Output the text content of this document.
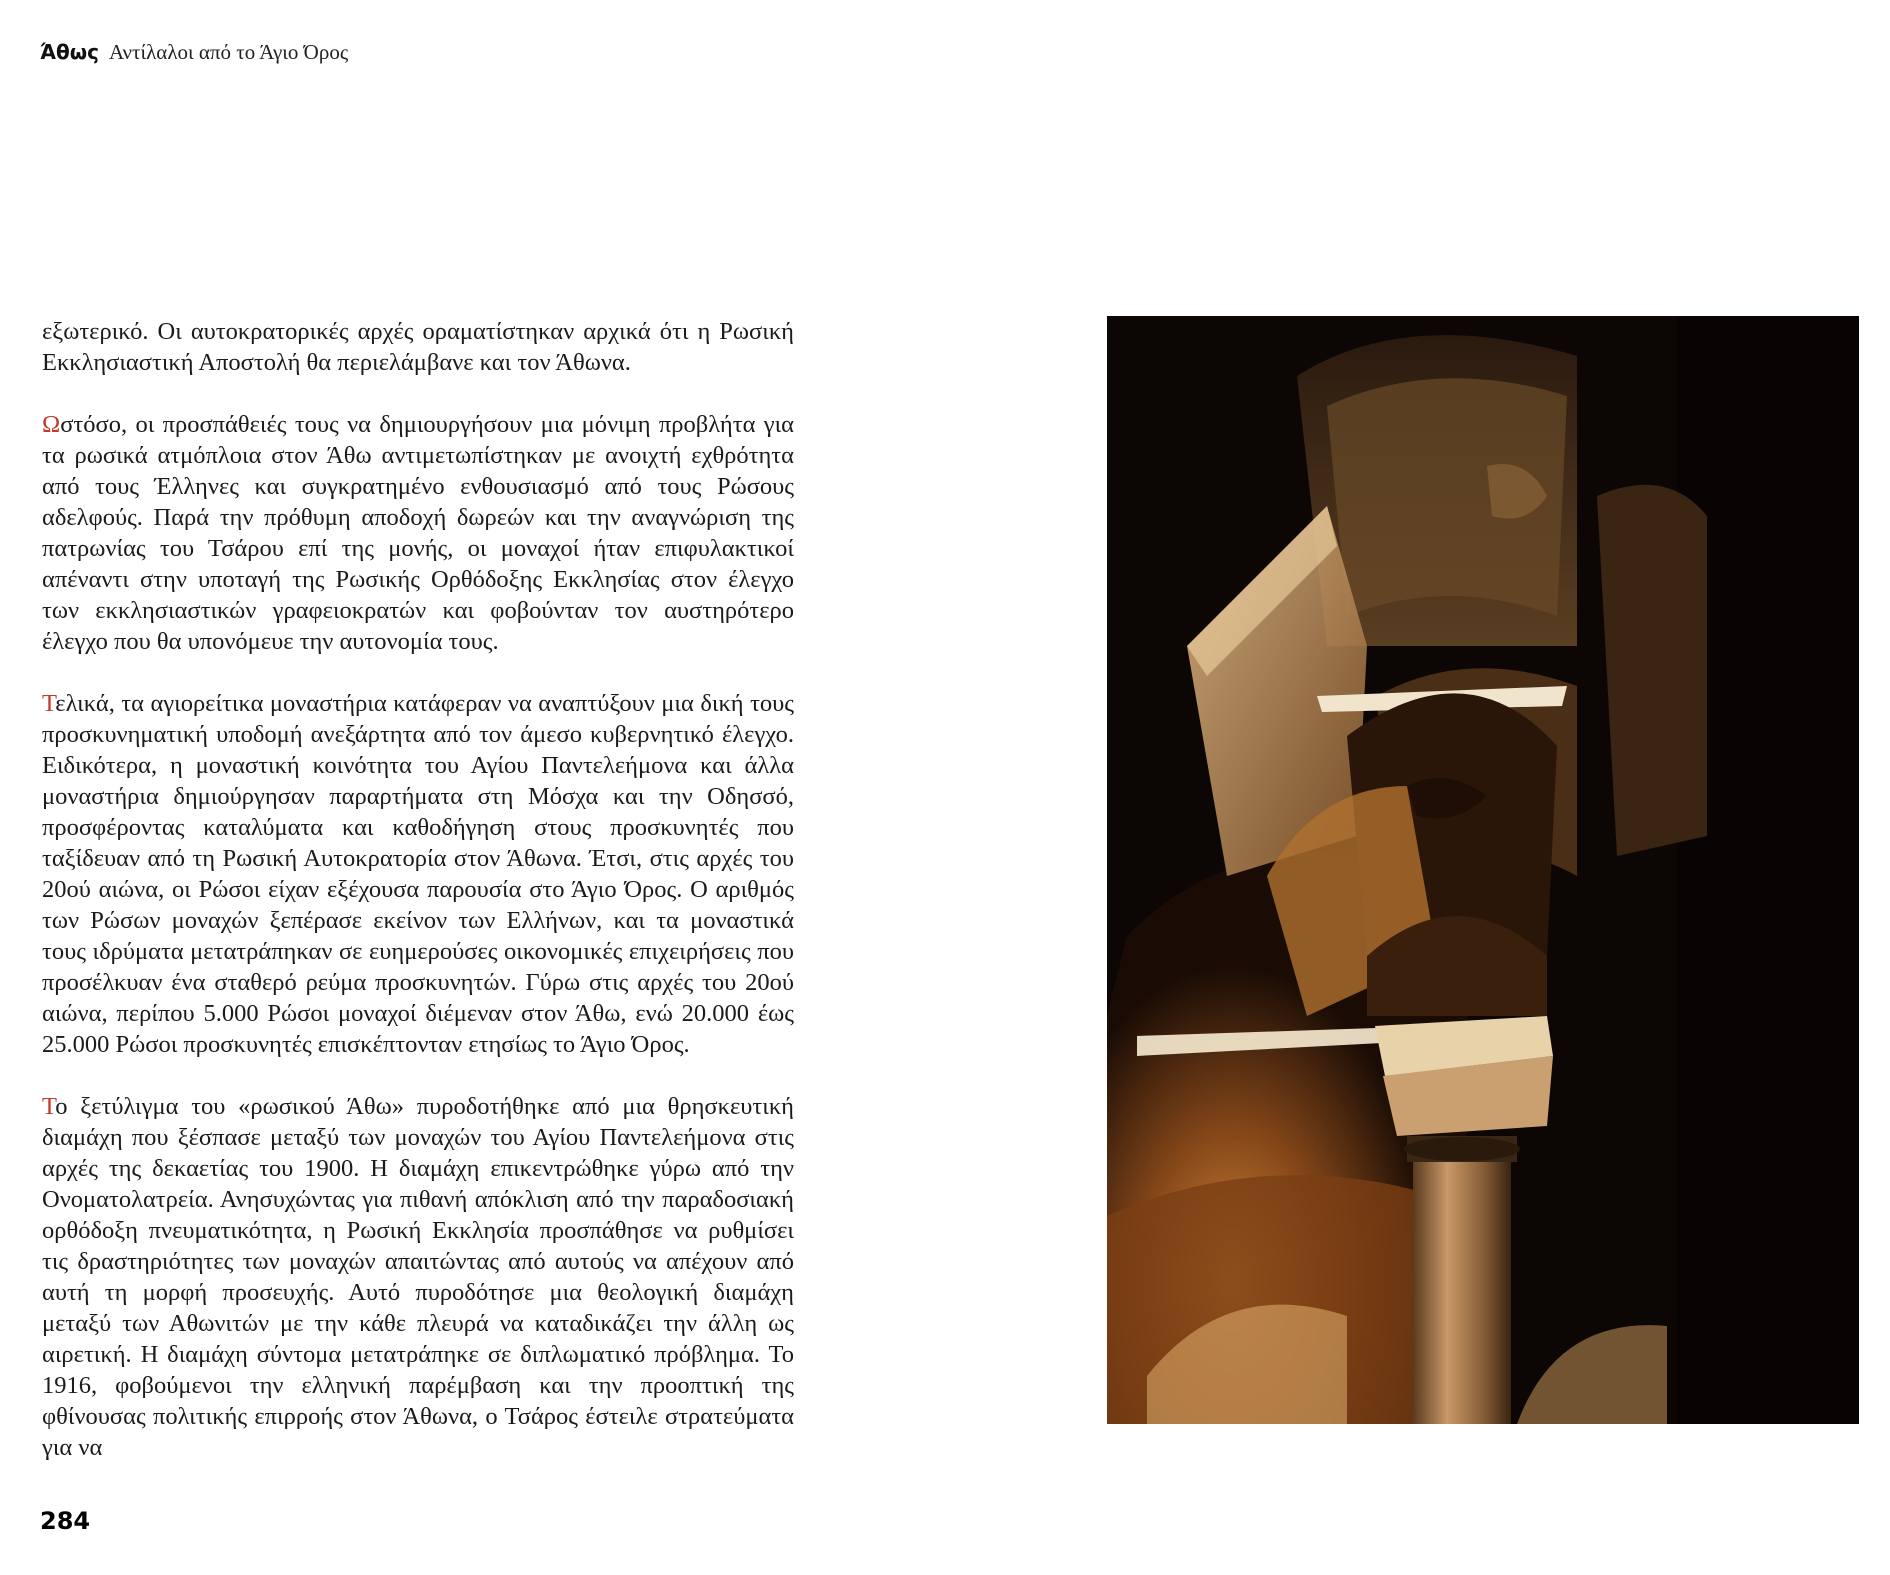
Άθως Αντίλαλοι από το Άγιο Όρος

εξωτερικό. Οι αυτοκρατορικές αρχές οραματίστηκαν αρχικά ότι η Ρωσική Εκκλησιαστική Αποστολή θα περιελάμβανε και τον Άθωνα.

Ωστόσο, οι προσπάθειές τους να δημιουργήσουν μια μόνιμη προβλήτα για τα ρωσικά ατμόπλοια στον Άθω αντιμετωπίστηκαν με ανοιχτή εχθρότητα από τους Έλληνες και συγκρατημένο ενθουσιασμό από τους Ρώσους αδελφούς. Παρά την πρόθυμη αποδοχή δωρεών και την αναγνώριση της πατρωνίας του Τσάρου επί της μονής, οι μοναχοί ήταν επιφυλακτικοί απέναντι στην υποταγή της Ρωσικής Ορθόδοξης Εκκλησίας στον έλεγχο των εκκλησιαστικών γραφειοκρατών και φοβούνταν τον αυστηρότερο έλεγχο που θα υπονόμευε την αυτονομία τους.

Τελικά, τα αγιορείτικα μοναστήρια κατάφεραν να αναπτύξουν μια δική τους προσκυνηματική υποδομή ανεξάρτητα από τον άμεσο κυβερνητικό έλεγχο. Ειδικότερα, η μοναστική κοινότητα του Αγίου Παντελεήμονα και άλλα μοναστήρια δημιούργησαν παραρτήματα στη Μόσχα και την Οδησσό, προσφέροντας καταλύματα και καθοδήγηση στους προσκυνητές που ταξίδευαν από τη Ρωσική Αυτοκρατορία στον Άθωνα. Έτσι, στις αρχές του 20ού αιώνα, οι Ρώσοι είχαν εξέχουσα παρουσία στο Άγιο Όρος. Ο αριθμός των Ρώσων μοναχών ξεπέρασε εκείνον των Ελλήνων, και τα μοναστικά τους ιδρύματα μετατράπηκαν σε ευημερούσες οικονομικές επιχειρήσεις που προσέλκυαν ένα σταθερό ρεύμα προσκυνητών. Γύρω στις αρχές του 20ού αιώνα, περίπου 5.000 Ρώσοι μοναχοί διέμεναν στον Άθω, ενώ 20.000 έως 25.000 Ρώσοι προσκυνητές επισκέπτονταν ετησίως το Άγιο Όρος.

Το ξετύλιγμα του «ρωσικού Άθω» πυροδοτήθηκε από μια θρησκευτική διαμάχη που ξέσπασε μεταξύ των μοναχών του Αγίου Παντελεήμονα στις αρχές της δεκαετίας του 1900. Η διαμάχη επικεντρώθηκε γύρω από την Ονοματολατρεία. Ανησυχώντας για πιθανή απόκλιση από την παραδοσιακή ορθόδοξη πνευματικότητα, η Ρωσική Εκκλησία προσπάθησε να ρυθμίσει τις δραστηριότητες των μοναχών απαιτώντας από αυτούς να απέχουν από αυτή τη μορφή προσευχής. Αυτό πυροδότησε μια θεολογική διαμάχη μεταξύ των Αθωνιτών με την κάθε πλευρά να καταδικάζει την άλλη ως αιρετική. Η διαμάχη σύντομα μετατράπηκε σε διπλωματικό πρόβλημα. Το 1916, φοβούμενοι την ελληνική παρέμβαση και την προοπτική της φθίνουσας πολιτικής επιρροής στον Άθωνα, ο Τσάρος έστειλε στρατεύματα για να

284
